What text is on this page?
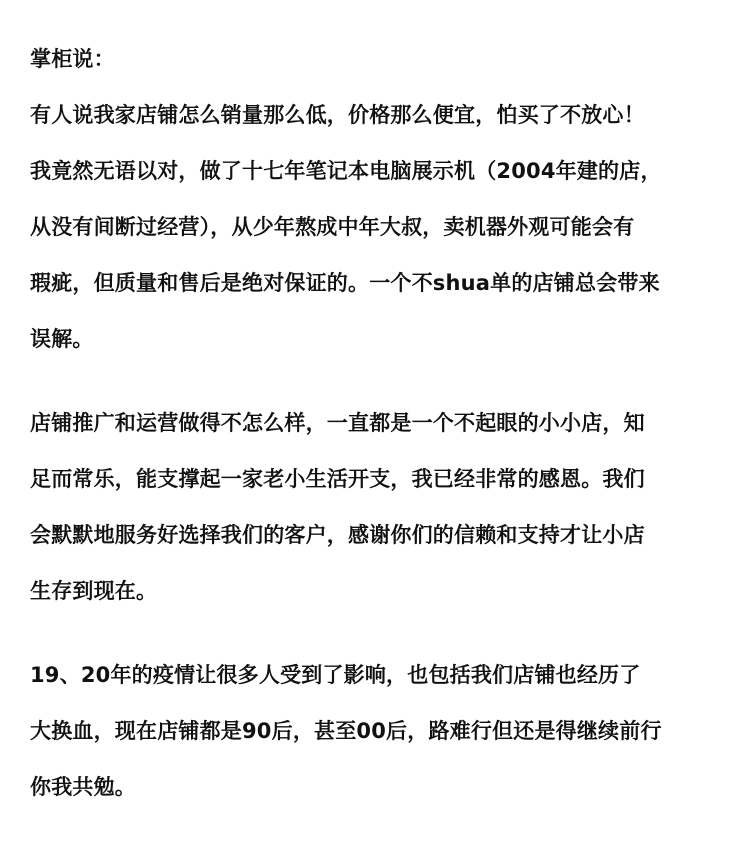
掌柜说：
有人说我家店铺怎么销量那么低，价格那么便宜，怕买了不放心！
我竟然无语以对，做了十七年笔记本电脑展示机（2004年建的店，
从没有间断过经营），从少年熬成中年大叔，卖机器外观可能会有
瑕疵，但质量和售后是绝对保证的。一个不shua单的店铺总会带来
误解。
店铺推广和运营做得不怎么样，一直都是一个不起眼的小小店，知
足而常乐，能支撑起一家老小生活开支，我已经非常的感恩。我们
会默默地服务好选择我们的客户，感谢你们的信赖和支持才让小店
生存到现在。
19、20年的疫情让很多人受到了影响，也包括我们店铺也经历了
大换血，现在店铺都是90后，甚至00后，路难行但还是得继续前行
你我共勉。
